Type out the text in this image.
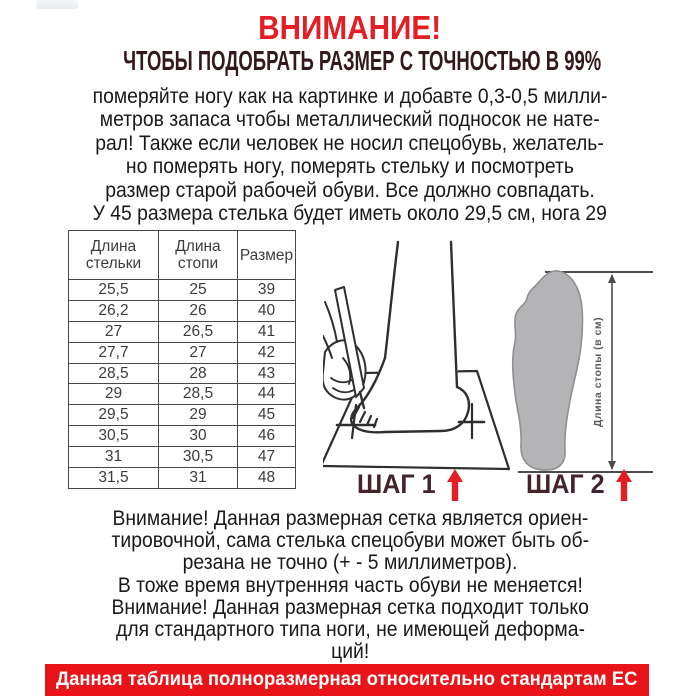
ВНИМАНИЕ!
ЧТОБЫ ПОДОБРАТЬ РАЗМЕР С ТОЧНОСТЬЮ В 99%
померяйте ногу как на картинке и добавте 0,3-0,5 милли-
метров запаса чтобы металлический подносок не нате-
рал! Также если человек не носил спецобувь, желатель-
но померять ногу, померять стельку и посмотреть
размер старой рабочей обуви. Все должно совпадать.
У 45 размера стелька будет иметь около 29,5 см, нога 29
Длина стельки	Длина стопи	Размер
25,5	25	39
26,2	26	40
27	26,5	41
27,7	27	42
28,5	28	43
29	28,5	44
29,5	29	45
30,5	30	46
31	30,5	47
31,5	31	48
Длина стопы (в см)
ШАГ 1	ШАГ 2
Внимание! Данная размерная сетка является ориен-
тировочной, сама стелька спецобуви может быть об-
резана не точно (+ - 5 миллиметров).
В тоже время внутренняя часть обуви не меняется!
Внимание! Данная размерная сетка подходит только
для стандартного типа ноги, не имеющей деформа-
ций!
Данная таблица полноразмерная относительно стандартам ЕС
